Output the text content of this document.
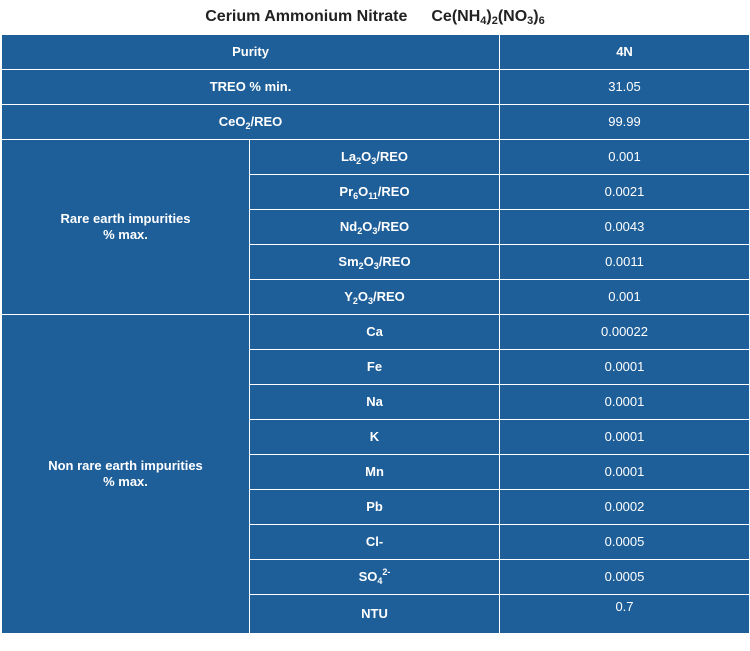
Cerium Ammonium Nitrate $Ce(NH_4)_2(NO_3)_6$
Purity		4N
TREO % min.		31.05
CeO$_2$/REO		99.99

Rare earth impurities
% max.	$La_2O_3$/REO	0.001
	$Pr_6O_{11}$/REO	0.0021
	$Nd_2O_3$/REO	0.0043
	$Sm_2O_3$/REO	0.0011
	$Y_2O_3$/REO	0.001

Non rare earth impurities
% max.	Ca	0.00022
	Fe	0.0001
	Na	0.0001
	K	0.0001
	Mn	0.0001
	Pb	0.0002
	Cl-	0.0005
	$SO_4^{2-}$	0.0005
	NTU	0.7
